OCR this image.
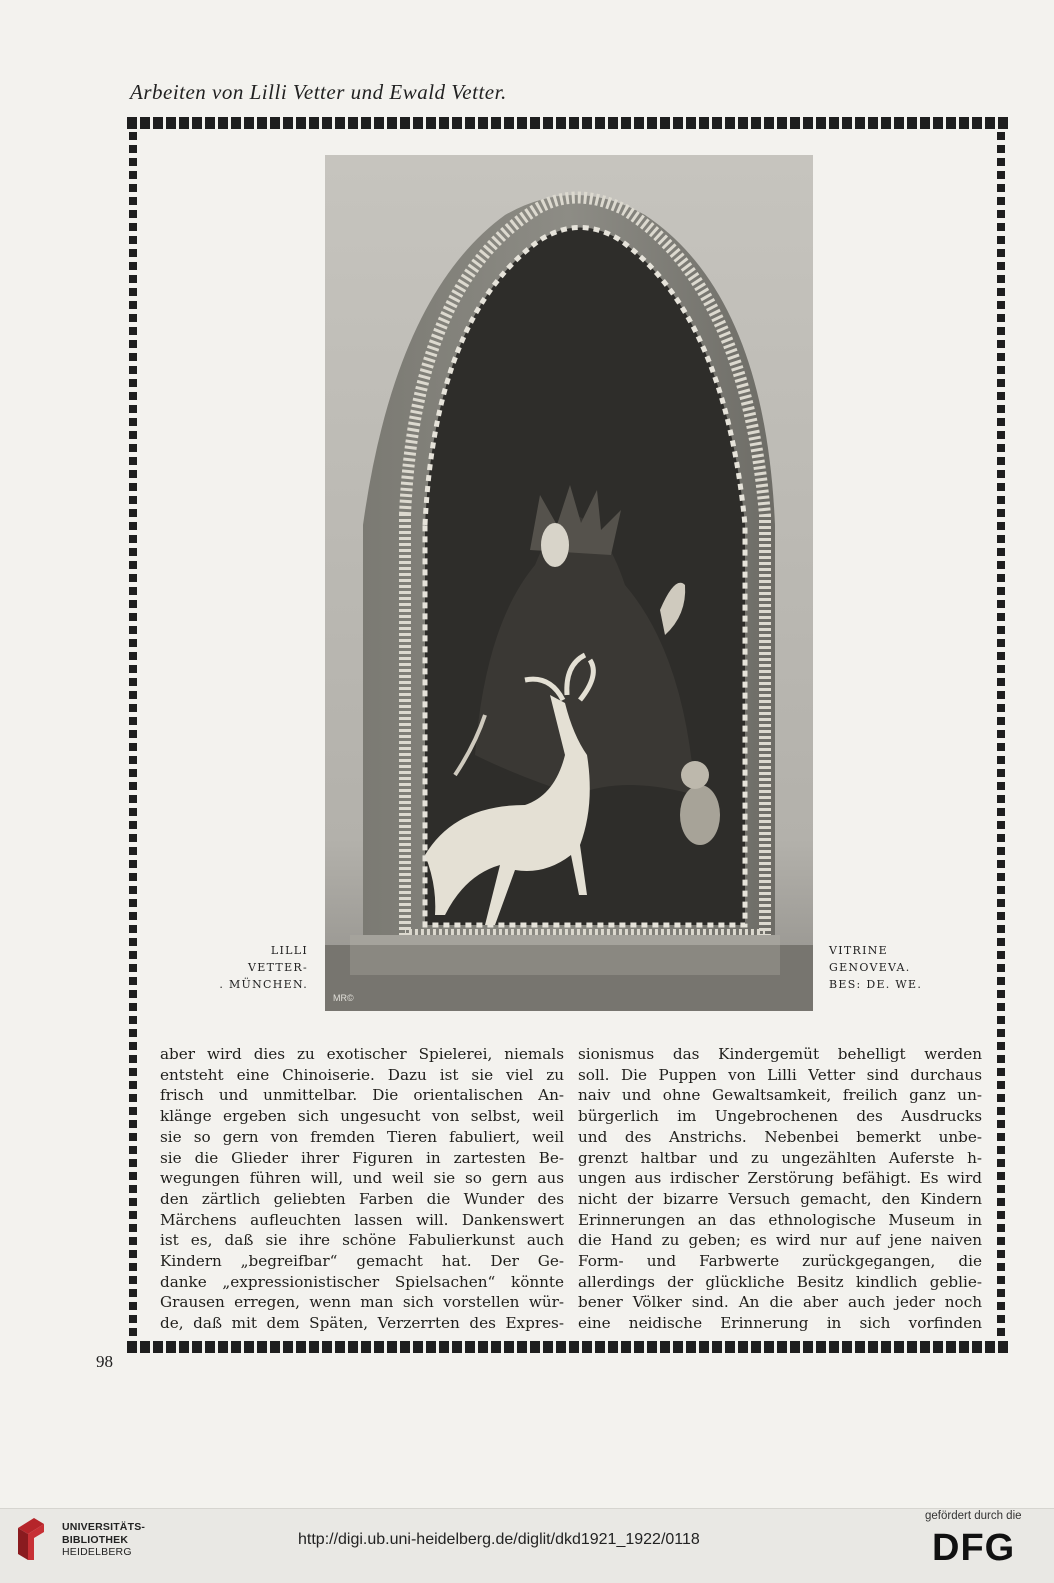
Arbeiten von Lilli Vetter und Ewald Vetter.
MR©
LILLI
VETTER-
. MÜNCHEN.
VITRINE
GENOVEVA.
BES: DE. WE.
aber wird dies zu exotischer Spielerei, niemals
entsteht eine Chinoiserie. Dazu ist sie viel zu
frisch und unmittelbar. Die orientalischen An-
klänge ergeben sich ungesucht von selbst, weil
sie so gern von fremden Tieren fabuliert, weil
sie die Glieder ihrer Figuren in zartesten Be-
wegungen führen will, und weil sie so gern aus
den zärtlich geliebten Farben die Wunder des
Märchens aufleuchten lassen will. Dankenswert
ist es, daß sie ihre schöne Fabulierkunst auch
Kindern „begreifbar“ gemacht hat. Der Ge-
danke „expressionistischer Spielsachen“ könnte
Grausen erregen, wenn man sich vorstellen wür-
de, daß mit dem Späten, Verzerrten des Expres-
sionismus das Kindergemüt behelligt werden
soll. Die Puppen von Lilli Vetter sind durchaus
naiv und ohne Gewaltsamkeit, freilich ganz un-
bürgerlich im Ungebrochenen des Ausdrucks
und des Anstrichs. Nebenbei bemerkt unbe-
grenzt haltbar und zu ungezählten Auferste h-
ungen aus irdischer Zerstörung befähigt. Es wird
nicht der bizarre Versuch gemacht, den Kindern
Erinnerungen an das ethnologische Museum in
die Hand zu geben; es wird nur auf jene naiven
Form- und Farbwerte zurückgegangen, die
allerdings der glückliche Besitz kindlich geblie-
bener Völker sind. An die aber auch jeder noch
eine neidische Erinnerung in sich vorfinden
98
UNIVERSITÄTS-
BIBLIOTHEK
HEIDELBERG
http://digi.ub.uni-heidelberg.de/diglit/dkd1921_1922/0118
gefördert durch die
DFG
